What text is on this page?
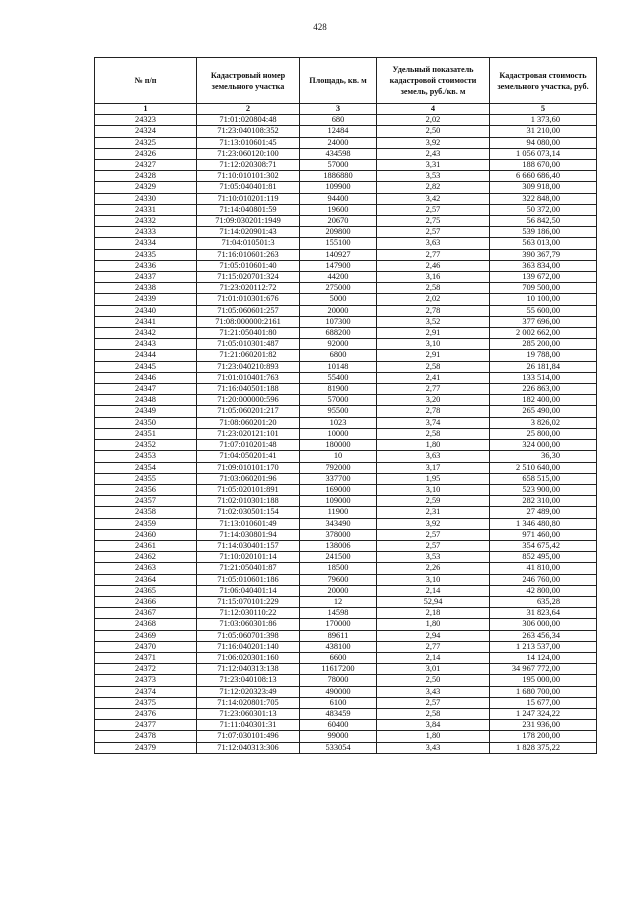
428
№ п/п	Кадастровый номер земельного участка	Площадь, кв. м	Удельный показатель кадастровой стоимости земель, руб./кв. м	Кадастровая стоимость земельного участка, руб.
1	2	3	4	5
24323	71:01:020804:48	680	2,02	1 373,60
24324	71:23:040108:352	12484	2,50	31 210,00
24325	71:13:010601:45	24000	3,92	94 080,00
24326	71:23:060120:100	434598	2,43	1 056 073,14
24327	71:12:020308:71	57000	3,31	188 670,00
24328	71:10:010101:302	1886880	3,53	6 660 686,40
24329	71:05:040401:81	109900	2,82	309 918,00
24330	71:10:010201:119	94400	3,42	322 848,00
24331	71:14:040801:59	19600	2,57	50 372,00
24332	71:09:030201:1949	20670	2,75	56 842,50
24333	71:14:020901:43	209800	2,57	539 186,00
24334	71:04:010501:3	155100	3,63	563 013,00
24335	71:16:010601:263	140927	2,77	390 367,79
24336	71:05:010601:40	147900	2,46	363 834,00
24337	71:15:020701:324	44200	3,16	139 672,00
24338	71:23:020112:72	275000	2,58	709 500,00
24339	71:01:010301:676	5000	2,02	10 100,00
24340	71:05:060601:257	20000	2,78	55 600,00
24341	71:08:000000:2161	107300	3,52	377 696,00
24342	71:21:050401:80	688200	2,91	2 002 662,00
24343	71:05:010301:487	92000	3,10	285 200,00
24344	71:21:060201:82	6800	2,91	19 788,00
24345	71:23:040210:893	10148	2,58	26 181,84
24346	71:01:010401:763	55400	2,41	133 514,00
24347	71:16:040501:188	81900	2,77	226 863,00
24348	71:20:000000:596	57000	3,20	182 400,00
24349	71:05:060201:217	95500	2,78	265 490,00
24350	71:08:060201:20	1023	3,74	3 826,02
24351	71:23:020121:101	10000	2,58	25 800,00
24352	71:07:010201:48	180000	1,80	324 000,00
24353	71:04:050201:41	10	3,63	36,30
24354	71:09:010101:170	792000	3,17	2 510 640,00
24355	71:03:060201:96	337700	1,95	658 515,00
24356	71:05:020101:891	169000	3,10	523 900,00
24357	71:02:010301:188	109000	2,59	282 310,00
24358	71:02:030501:154	11900	2,31	27 489,00
24359	71:13:010601:49	343490	3,92	1 346 480,80
24360	71:14:030801:94	378000	2,57	971 460,00
24361	71:14:030401:157	138006	2,57	354 675,42
24362	71:10:020101:14	241500	3,53	852 495,00
24363	71:21:050401:87	18500	2,26	41 810,00
24364	71:05:010601:186	79600	3,10	246 760,00
24365	71:06:040401:14	20000	2,14	42 800,00
24366	71:15:070101:229	12	52,94	635,28
24367	71:12:030110:22	14598	2,18	31 823,64
24368	71:03:060301:86	170000	1,80	306 000,00
24369	71:05:060701:398	89611	2,94	263 456,34
24370	71:16:040201:140	438100	2,77	1 213 537,00
24371	71:06:020301:160	6600	2,14	14 124,00
24372	71:12:040313:138	11617200	3,01	34 967 772,00
24373	71:23:040108:13	78000	2,50	195 000,00
24374	71:12:020323:49	490000	3,43	1 680 700,00
24375	71:14:020801:705	6100	2,57	15 677,00
24376	71:23:060301:13	483459	2,58	1 247 324,22
24377	71:11:040301:31	60400	3,84	231 936,00
24378	71:07:030101:496	99000	1,80	178 200,00
24379	71:12:040313:306	533054	3,43	1 828 375,22
